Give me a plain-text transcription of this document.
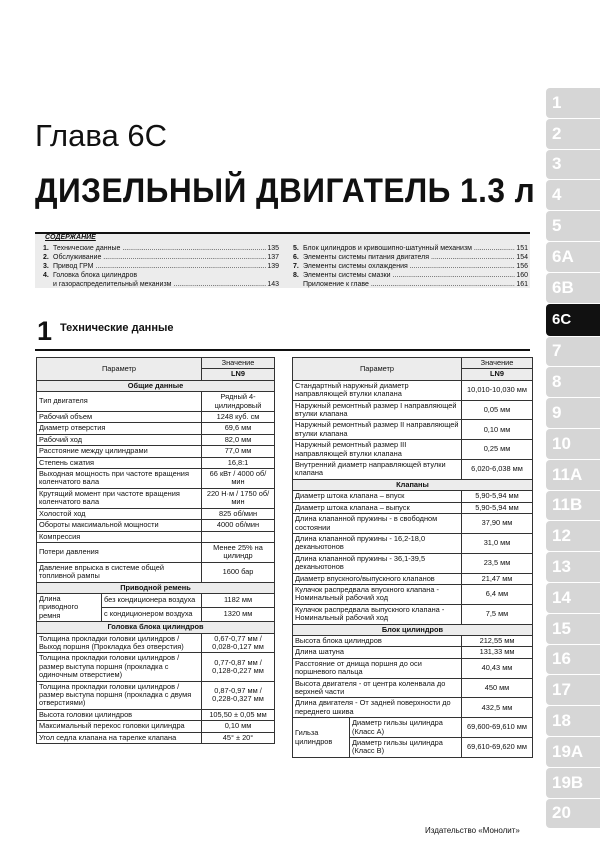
Глава 6С
ДИЗЕЛЬНЫЙ ДВИГАТЕЛЬ 1.3 л
СОДЕРЖАНИЕ
1. Технические данные .....	135
2. Обслуживание .....	137
3. Привод ГРМ .....	139
4. Головка блока цилиндров
и газораспределительный механизм .....	143
5. Блок цилиндров и кривошипно-шатунный механизм .....	151
6. Элементы системы питания двигателя .....	154
7. Элементы системы охлаждения .....	156
8. Элементы системы смазки .....	160
Приложение к главе .....	161
1 Технические данные
Параметр		Значение
		LN9
Общие данные		
Тип двигателя		Рядный 4-цилиндровый
Рабочий объем		1248 куб. см
Диаметр отверстия		69,6 мм
Рабочий ход		82,0 мм
Расстояние между цилиндрами		77,0 мм
Степень сжатия		16,8:1
Выходная мощность при частоте вращения коленчатого вала		66 кВт / 4000 об/мин
Крутящий момент при частоте вращения коленчатого вала		220 Н·м / 1750 об/мин
Холостой ход		825 об/мин
Обороты максимальной мощности		4000 об/мин
Компрессия		
Потери давления		Менее 25% на цилиндр
Давление впрыска в системе общей топливной рампы		1600 бар
Приводной ремень		
Длина приводного ремня	без кондиционера воздуха	1182 мм
	с кондиционером воздуха	1320 мм
Головка блока цилиндров		
Толщина прокладки головки цилиндров / Выход поршня (Прокладка без отверстия)		0,67-0,77 мм / 0,028-0,127 мм
Толщина прокладки головки цилиндров / размер выступа поршня (прокладка с одиночным отверстием)		0,77-0,87 мм / 0,128-0,227 мм
Толщина прокладки головки цилиндров / размер выступа поршня (прокладка с двумя отверстиями)		0,87-0,97 мм / 0,228-0,327 мм
Высота головки цилиндров		105,50 ± 0,05 мм
Максимальный перекос головки цилиндра		0,10 мм
Угол седла клапана на тарелке клапана		45° ± 20°
Параметр		Значение
		LN9
Стандартный наружный диаметр направляющей втулки клапана		10,010-10,030 мм
Наружный ремонтный размер I направляющей втулки клапана		0,05 мм
Наружный ремонтный размер II направляющей втулки клапана		0,10 мм
Наружный ремонтный размер III направляющей втулки клапана		0,25 мм
Внутренний диаметр направляющей втулки клапана		6,020-6,038 мм
Клапаны		
Диаметр штока клапана – впуск		5,90-5,94 мм
Диаметр штока клапана – выпуск		5,90-5,94 мм
Длина клапанной пружины - в свободном состоянии		37,90 мм
Длина клапанной пружины - 16,2-18,0 деканьютонов		31,0 мм
Длина клапанной пружины - 36,1-39,5 деканьютонов		23,5 мм
Диаметр впускного/выпускного клапанов		21,47 мм
Кулачок распредвала впускного клапана - Номинальный рабочий ход		6,4 мм
Кулачок распредвала выпускного клапана - Номинальный рабочий ход		7,5 мм
Блок цилиндров		
Высота блока цилиндров		212,55 мм
Длина шатуна		131,33 мм
Расстояние от днища поршня до оси поршневого пальца		40,43 мм
Высота двигателя - от центра коленвала до верхней части		450 мм
Длина двигателя - От задней поверхности до переднего шкива		432,5 мм
Гильза цилиндров	Диаметр гильзы цилиндра (Класс А)	69,600-69,610 мм
	Диаметр гильзы цилиндра (Класс В)	69,610-69,620 мм
Издательство «Монолит»
1
2
3
4
5
6А
6В
6С
7
8
9
10
11А
11В
12
13
14
15
16
17
18
19А
19В
20
